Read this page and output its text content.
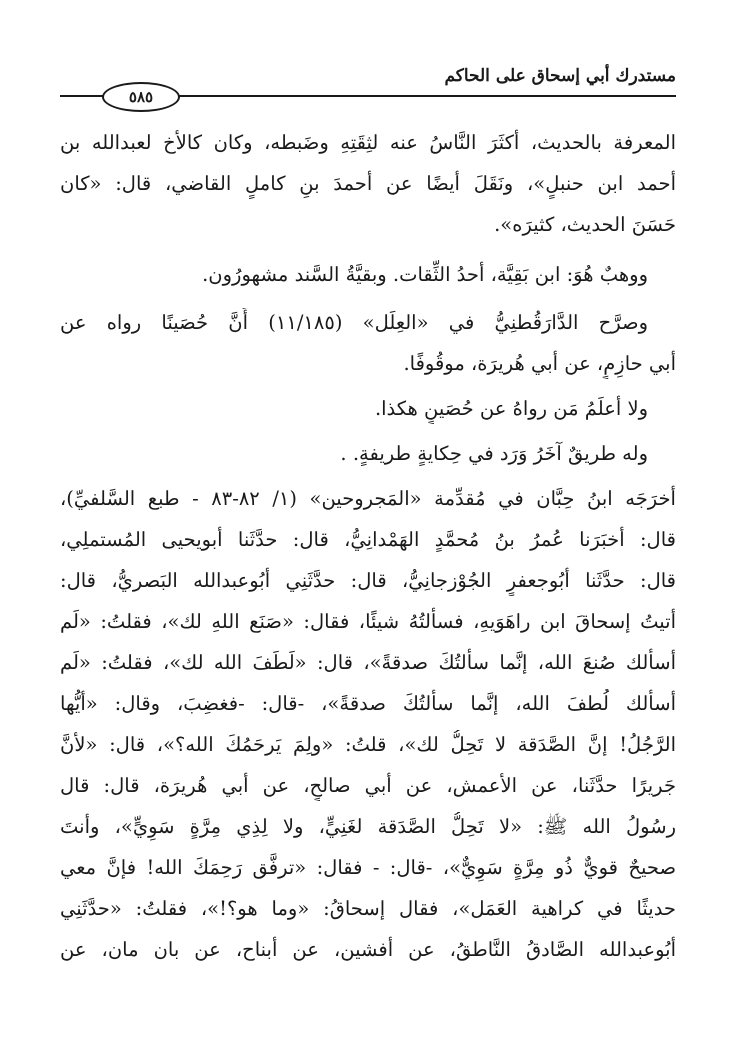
مستدرك أبي إسحاق على الحاكم
٥٨٥
المعرفة بالحديث، أكثَرَ النَّاسُ عنه لثِقَتِهِ وضَبطه، وكان كالأخ لعبدالله بن
أحمد ابن حنبلٍ»، ونَقَلَ أيضًا عن أحمدَ بنِ كاملٍ القاضي، قال: «كان
حَسَنَ الحديث، كثيرَه».
ووهبٌ هُوَ: ابن بَقِيَّة، أحدُ الثِّقات. وبقيَّةُ السَّند مشهورُون.
وصرَّح الدَّارَقُطنِيُّ في «العِلَل» (١١/١٨٥) أَنَّ حُصَينًا رواه عن
أبي حازِمٍ، عن أبي هُريرَة، موقُوفًا.
ولا أعلَمُ مَن رواهُ عن حُصَينٍ هكذا.
وله طريقٌ آخَرُ وَرَد في حِكايةٍ طريفةٍ. .
أخرَجَه ابنُ حِبَّان في مُقدِّمة «المَجروحين» (١/ ٨٢-٨٣ - طبع السَّلفيِّ)،
قال: أخبَرَنا عُمرُ بنُ مُحمَّدٍ الهَمْدانِيُّ، قال: حدَّثَنا أبويحيى المُستملِي،
قال: حدَّثَنا أبُوجعفرٍ الجُوْزجانِيُّ، قال: حدَّثَنِي أبُوعبدالله البَصريُّ، قال:
أتيتُ إسحاقَ ابن راهَوَيهِ، فسألتُهُ شيئًا، فقال: «صَنَع اللهِ لك»، فقلتُ: «لَم
أسألك صُنعَ الله، إنَّما سألتُكَ صدقةً»، قال: «لَطَفَ الله لك»، فقلتُ: «لَم
أسألك لُطفَ الله، إنَّما سألتُكَ صدقةً»، -قال: -فغضِبَ، وقال: «أيُّها
الرَّجُلُ! إنَّ الصَّدَقة لا تَحِلُّ لك»، قلتُ: «ولِمَ يَرحَمُكَ الله؟»، قال: «لأنَّ
جَريرًا حدَّثَنا، عن الأعمش، عن أبي صالحٍ، عن أبي هُريرَة، قال: قال
رسُولُ الله ﷺ: «لا تَحِلُّ الصَّدَقة لغَنِيٍّ، ولا لِذِي مِرَّةٍ سَوِيٍّ»، وأنتَ
صحيحٌ قويٌّ ذُو مِرَّةٍ سَوِيٌّ»، -قال: - فقال: «ترفَّق رَحِمَكَ الله! فإنَّ معي
حديثًا في كراهية العَمَل»، فقال إسحاقُ: «وما هو؟!»، فقلتُ: «حدَّثَنِي
أبُوعبدالله الصَّادقُ النَّاطقُ، عن أفشين، عن أبناح، عن بان مان، عن
